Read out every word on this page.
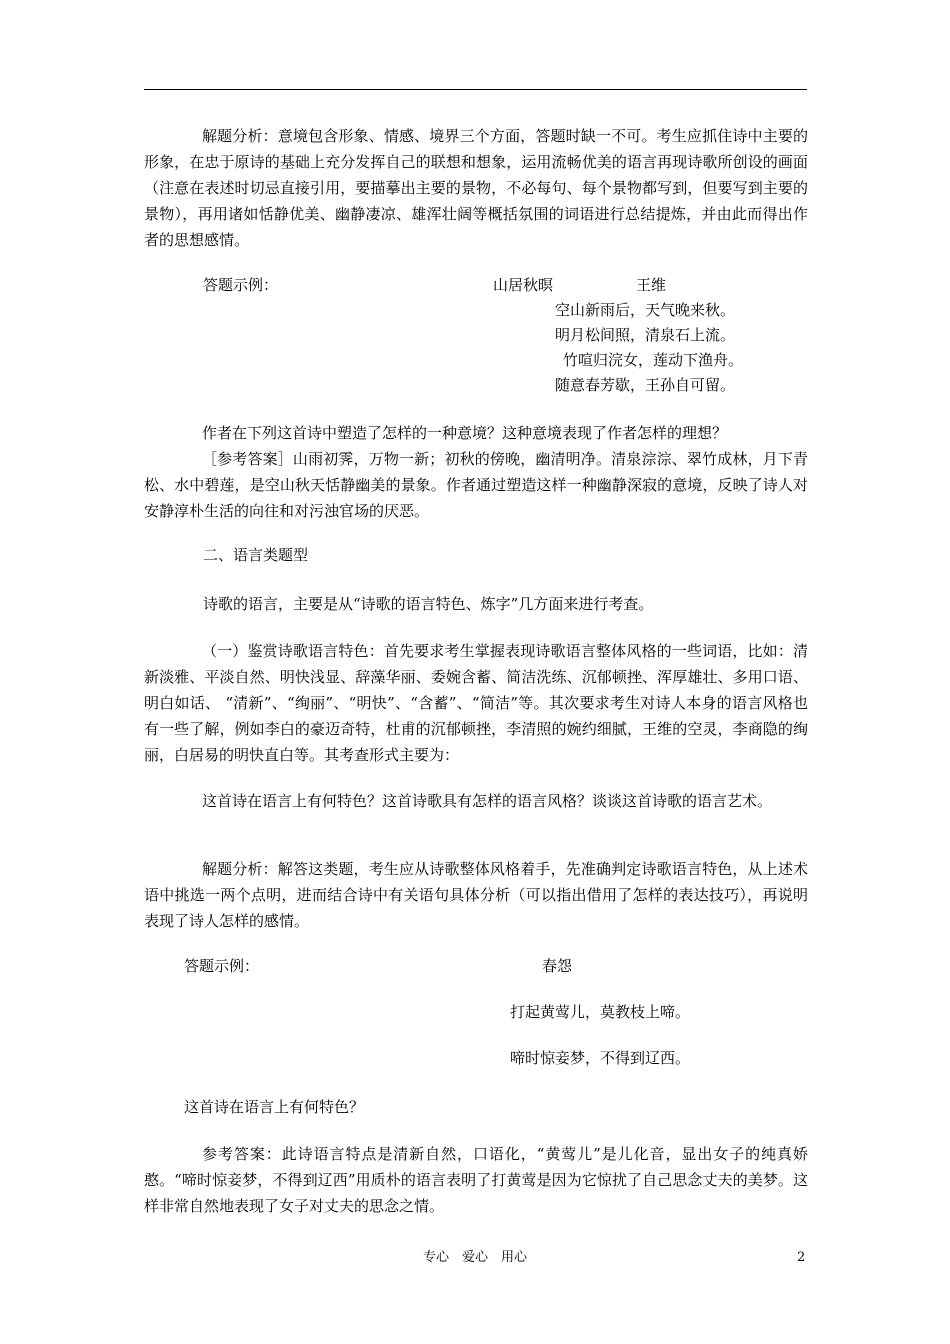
解题分析：意境包含形象、情感、境界三个方面，答题时缺一不可。考生应抓住诗中主要的形象，在忠于原诗的基础上充分发挥自己的联想和想象，运用流畅优美的语言再现诗歌所创设的画面（注意在表述时切忌直接引用，要描摹出主要的景物，不必每句、每个景物都写到，但要写到主要的景物），再用诸如恬静优美、幽静凄凉、雄浑壮阔等概括氛围的词语进行总结提炼，并由此而得出作者的思想感情。

答题示例：	山居秋暝	王维
空山新雨后，天气晚来秋。
明月松间照，清泉石上流。
竹喧归浣女，莲动下渔舟。
随意春芳歇，王孙自可留。

作者在下列这首诗中塑造了怎样的一种意境？这种意境表现了作者怎样的理想？

［参考答案］山雨初霁，万物一新；初秋的傍晚，幽清明净。清泉淙淙、翠竹成林，月下青松、水中碧莲，是空山秋天恬静幽美的景象。作者通过塑造这样一种幽静深寂的意境，反映了诗人对安静淳朴生活的向往和对污浊官场的厌恶。

二、语言类题型
诗歌的语言，主要是从“诗歌的语言特色、炼字”几方面来进行考查。

（一）鉴赏诗歌语言特色：首先要求考生掌握表现诗歌语言整体风格的一些词语，比如：清新淡雅、平淡自然、明快浅显、辞藻华丽、委婉含蓄、简洁洗练、沉郁顿挫、浑厚雄壮、多用口语、明白如话、 “清新”、“绚丽”、“明快”、“含蓄”、“简洁”等。其次要求考生对诗人本身的语言风格也有一些了解，例如李白的豪迈奇特，杜甫的沉郁顿挫，李清照的婉约细腻，王维的空灵，李商隐的绚丽，白居易的明快直白等。其考查形式主要为：

这首诗在语言上有何特色？这首诗歌具有怎样的语言风格？谈谈这首诗歌的语言艺术。

解题分析：解答这类题，考生应从诗歌整体风格着手，先准确判定诗歌语言特色，从上述术语中挑选一两个点明，进而结合诗中有关语句具体分析（可以指出借用了怎样的表达技巧），再说明表现了诗人怎样的感情。

答题示例：	春怨
打起黄莺儿，莫教枝上啼。
啼时惊妾梦，不得到辽西。
这首诗在语言上有何特色？

参考答案：此诗语言特点是清新自然，口语化，“黄莺儿”是儿化音，显出女子的纯真娇憨。“啼时惊妾梦，不得到辽西”用质朴的语言表明了打黄莺是因为它惊扰了自己思念丈夫的美梦。这样非常自然地表现了女子对丈夫的思念之情。

专心　爱心　用心	2
